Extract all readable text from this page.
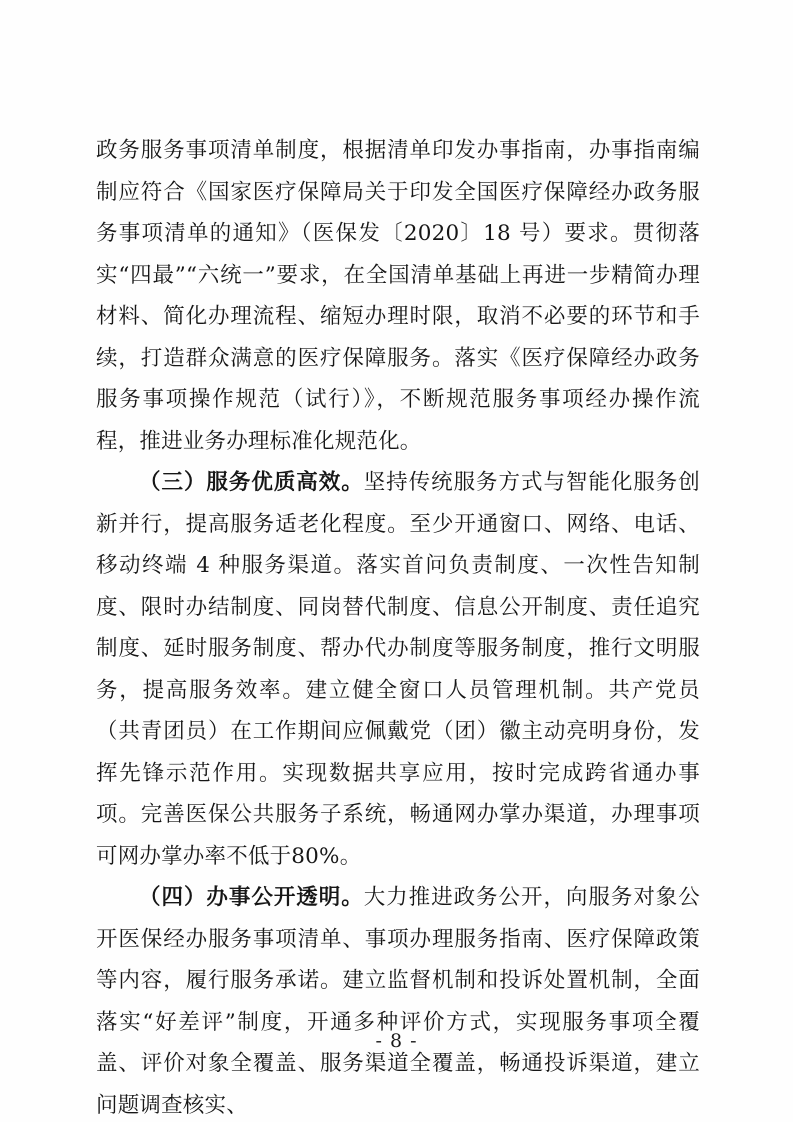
政务服务事项清单制度，根据清单印发办事指南，办事指南编制应符合《国家医疗保障局关于印发全国医疗保障经办政务服务事项清单的通知》（医保发〔2020〕18 号）要求。贯彻落实“四最”“六统一”要求，在全国清单基础上再进一步精简办理材料、简化办理流程、缩短办理时限，取消不必要的环节和手续，打造群众满意的医疗保障服务。落实《医疗保障经办政务服务事项操作规范（试行）》，不断规范服务事项经办操作流程，推进业务办理标准化规范化。

（三）服务优质高效。坚持传统服务方式与智能化服务创新并行，提高服务适老化程度。至少开通窗口、网络、电话、移动终端 4 种服务渠道。落实首问负责制度、一次性告知制度、限时办结制度、同岗替代制度、信息公开制度、责任追究制度、延时服务制度、帮办代办制度等服务制度，推行文明服务，提高服务效率。建立健全窗口人员管理机制。共产党员（共青团员）在工作期间应佩戴党（团）徽主动亮明身份，发挥先锋示范作用。实现数据共享应用，按时完成跨省通办事项。完善医保公共服务子系统，畅通网办掌办渠道，办理事项可网办掌办率不低于80%。

（四）办事公开透明。大力推进政务公开，向服务对象公开医保经办服务事项清单、事项办理服务指南、医疗保障政策等内容，履行服务承诺。建立监督机制和投诉处置机制，全面落实“好差评”制度，开通多种评价方式，实现服务事项全覆盖、评价对象全覆盖、服务渠道全覆盖，畅通投诉渠道，建立问题调查核实、

- 8 -
